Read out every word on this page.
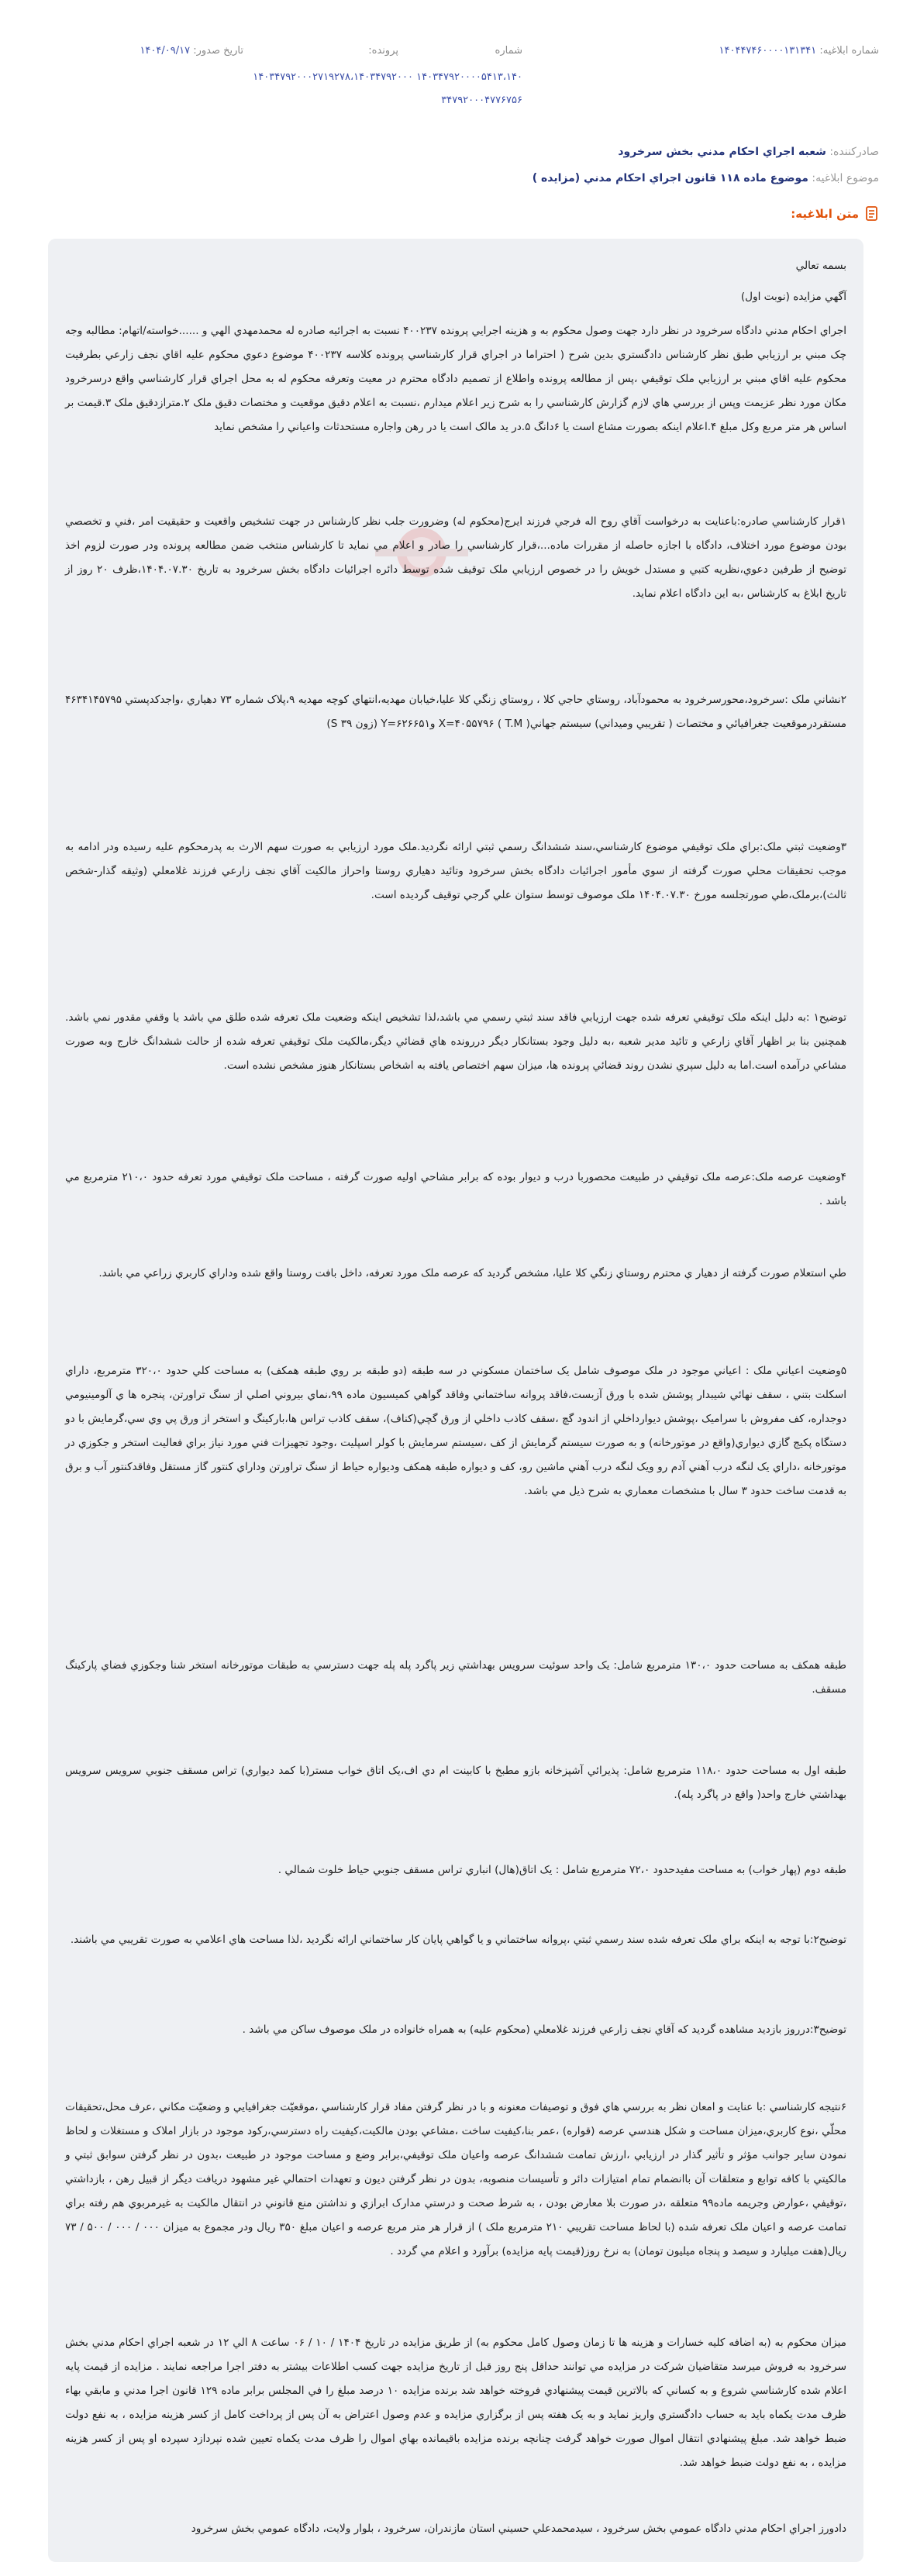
شماره ابلاغیه: ۱۴۰۴۴۷۴۶۰۰۰۰۱۳۱۳۴۱
شماره
پرونده:
تاریخ صدور: ۱۴۰۴/۰۹/۱۷
۱۴۰۳۴۷۹۲۰۰۰۰۵۴۱۳،۱۴۰ ۱۴۰۳۴۷۹۲۰۰۰۲۷۱۹۲۷۸،۱۴۰۳۴۷۹۲۰۰۰
۳۴۷۹۲۰۰۰۴۷۷۶۷۵۶
صادرکننده: شعبه اجراي احکام مدني بخش سرخرود
موضوع ابلاغيه: موضوع ماده ۱۱۸ قانون اجراي احکام مدني (مزايده )
متن ابلاغیه:
بسمه تعالي
آگهي مزايده (نوبت اول)
اجراي احکام مدني دادگاه سرخرود در نظر دارد جهت وصول محکوم به و هزينه اجرايي پرونده ۴۰۰۲۳۷ نسبت به اجرائيه صادره له محمدمهدي الهي و ......خواسته/اتهام: مطالبه وجه چک مبني بر ارزيابي طبق نظر کارشناس دادگستري بدين شرح ( احتراما در اجراي قرار کارشناسي پرونده کلاسه ۴۰۰۲۳۷ موضوع دعوي محکوم عليه اقاي نجف زارعي بطرفيت محکوم عليه اقاي مبني بر ارزيابي ملک توقيفي ،پس از مطالعه پرونده واطلاع از تصميم دادگاه محترم در معيت وتعرفه محکوم له به محل اجراي قرار کارشناسي واقع درسرخرود مکان مورد نظر عزيمت وپس از بررسي هاي لازم گزارش کارشناسي را به شرح زير اعلام ميدارم ،نسبت به اعلام دقيق موقعيت و مختصات دقيق ملک ۲.مترازدقيق ملک ۳.قيمت بر اساس هر متر مربع وکل مبلغ ۴.اعلام اينکه بصورت مشاع است يا ۶دانگ ۵.در يد مالک است يا در رهن واجاره مستحدثات واعياني را مشخص نمايد
۱قرار کارشناسي صادره:باعنايت به درخواست آقاي روح اله فرجي فرزند ايرج(محکوم له) وضرورت جلب نظر کارشناس در جهت تشخيص واقعيت و حقيقيت امر ،فني و تخصصي بودن موضوع مورد اختلاف، دادگاه با اجازه حاصله از مقررات ماده...،قرار کارشناسي را صادر و اعلام مي نمايد تا کارشناس منتخب ضمن مطالعه پرونده ودر صورت لزوم اخذ توضيح از طرفين دعوي،نظريه کتبي و مستدل خويش را در خصوص ارزيابي ملک توقيف شده توسط دائره اجرائيات دادگاه بخش سرخرود به تاريخ ۱۴۰۴.۰۷.۳۰،ظرف ۲۰ روز از تاريخ ابلاغ به کارشناس ،به اين دادگاه اعلام نمايد.
۲نشاني ملک :سرخرود،محورسرخرود به محمودآباد، روستاي حاجي کلا ، روستاي زنگي کلا عليا،خيابان مهديه،انتهاي کوچه مهديه ۹،پلاک شماره ۷۳ دهياري ،واجدکدپستي ۴۶۳۴۱۴۵۷۹۵ مستقردرموقعيت جغرافيائي و مختصات ( تقريبي وميداني) سيستم جهاني( T.M ) X=۴۰۵۵۷۹۶ وY=۶۲۶۶۵۱ (زون ۳۹ S)
۳وضعيت ثبتي ملک:براي ملک توقيفي موضوع کارشناسي،سند ششدانگ رسمي ثبتي ارائه نگرديد.ملک مورد ارزيابي به صورت سهم الارث به پدرمحکوم عليه رسيده ودر ادامه به موجب تحقيقات محلي صورت گرفته از سوي مأمور اجرائيات دادگاه بخش سرخرود وتائيد دهياري روستا واحراز مالکيت آقاي نجف زارعي فرزند غلامعلي (وثيقه گذار-شخص ثالث)،برملک،طي صورتجلسه مورخ ۱۴۰۴.۰۷.۳۰ ملک موصوف توسط ستوان علي گرجي توقيف گرديده است.
توضيح۱ :به دليل اينکه ملک توقيفي تعرفه شده جهت ارزيابي فاقد سند ثبتي رسمي مي باشد،لذا تشخيص اينکه وضعيت ملک تعرفه شده طلق مي باشد يا وقفي مقدور نمي باشد. همچنين بنا بر اظهار آقاي زارعي و تائيد مدير شعبه ،به دليل وجود بستانکار ديگر دررونده هاي قضائي ديگر،مالکيت ملک توقيفي تعرفه شده از حالت ششدانگ خارج وبه صورت مشاعي درآمده است.اما به دليل سپري نشدن روند قضائي پرونده ها، ميزان سهم اختصاص يافته به اشخاص بستانکار هنوز مشخص نشده است.
۴وضعيت عرصه ملک:عرصه ملک توقيفي در طبيعت محصوربا درب و ديوار بوده که برابر مشاحي اوليه صورت گرفته ، مساحت ملک توقيفي مورد تعرفه حدود ۲۱۰،۰ مترمربع مي باشد .
طي استعلام صورت گرفته از دهيار ي محترم روستاي زنگي کلا عليا، مشخص گرديد که عرصه ملک مورد تعرفه، داخل بافت روستا واقع شده وداراي کاربري زراعي مي باشد.
۵وضعيت اعياني ملک : اعياني موجود در ملک موصوف شامل يک ساختمان مسکوني در سه طبقه (دو طبقه بر روي طبقه همکف) به مساحت کلي حدود ۳۲۰،۰ مترمربع، داراي اسکلت بتني ، سقف نهائي شيبدار پوشش شده با ورق آزبست،فاقد پروانه ساختماني وفاقد گواهي کميسيون ماده ۹۹،نماي بيروني اصلي از سنگ تراورتن، پنجره ها ي آلومينيومي دوجداره، کف مفروش با سراميک ،پوشش ديوارداخلي از اندود گچ ،سقف کاذب داخلي از ورق گچي(کناف)، سقف کاذب تراس ها،بارکينگ و استخر از ورق پي وي سي،گرمايش با دو دستگاه پکيج گازي ديواري(واقع در موتورخانه) و به صورت سيستم گرمايش از کف ،سيستم سرمايش با کولر اسپليت ،وجود تجهيزات فني مورد نياز براي فعاليت استخر و جکوزي در موتورخانه ،داراي يک لنگه درب آهني آدم رو ويک لنگه درب آهني ماشين رو، کف و ديواره طبقه همکف وديواره حياط از سنگ تراورتن وداراي کنتور گاز مستقل وفاقدکنتور آب و برق به قدمت ساخت حدود ۳ سال با مشخصات معماري به شرح ذيل مي باشد.
طبقه همکف به مساحت حدود ۱۳۰،۰ مترمربع شامل: يک واحد سوئيت سرويس بهداشتي زير پاگرد پله پله جهت دسترسي به طبقات موتورخانه استخر شنا وجکوزي فضاي پارکينگ مسقف.
طبقه اول به مساحت حدود ۱۱۸،۰ مترمربع شامل: پذيرائي آشپزخانه بازو مطبخ با کابينت ام دي اف،يک اتاق خواب مستر(با کمد ديواري) تراس مسقف جنوبي سرويس سرويس بهداشتي خارج واحد( واقع در پاگرد پله).
طبقه دوم (پهار خواب) به مساحت مفيدحدود ۷۲،۰ مترمربع شامل : يک اتاق(هال) انباري تراس مسقف جنوبي حياط خلوت شمالي .
توضيح۲:با توجه به اينکه براي ملک تعرفه شده سند رسمي ثبتي ،پروانه ساختماني و يا گواهي پايان کار ساختماني ارائه نگرديد ،لذا مساحت هاي اعلامي به صورت تقريبي مي باشند.
توضيح۳:درروز بازديد مشاهده گرديد که آقاي نجف زارعي فرزند غلامعلي (محکوم عليه) به همراه خانواده در ملک موصوف ساکن مي باشد .
۶نتيجه کارشناسي :با عنايت و امعان نظر به بررسي هاي فوق و توصيفات معنونه و با در نظر گرفتن مفاد قرار کارشناسي ،موقعيّت جغرافيايي و وضعيّت مکاني ،عرف محل،تحقيقات محلّي ،نوع کاربري،ميزان مساحت و شکل هندسي عرصه (قواره) ،عمر بنا،کيفيت ساخت ،مشاعي بودن مالکيت،کيفيت راه دسترسي،رکود موجود در بازار املاک و مستغلات و لحاظ نمودن ساير جوانب مؤثر و تأثير گذار در ارزيابي ،ارزش تمامت ششدانگ عرصه واعيان ملک توقيفي،برابر وضع و مساحت موجود در طبيعت ،بدون در نظر گرفتن سوابق ثبتي و مالکيتي با کافه توابع و متعلقات آن باانضمام تمام امتيازات دائر و تأسيسات منصوبه، بدون در نظر گرفتن ديون و تعهدات احتمالي غير مشهود دريافت ديگر از قبيل رهن ، بازداشتي ،توقيفي ،عوارض وجريمه ماده۹۹ متعلقه ،در صورت بلا معارض بودن ، به شرط صحت و درستي مدارک ابرازي و نداشتن منع قانوني در انتقال مالکيت به غيرمربوي هم رفته براي تمامت عرصه و اعيان ملک تعرفه شده (با لحاظ مساحت تقريبي ۲۱۰ مترمربع ملک ) از قرار هر متر مربع عرصه و اعيان مبلغ ۳۵۰ ريال ودر مجموع به ميزان ۰۰۰ / ۰۰۰ / ۵۰۰ / ۷۳ ريال(هفت ميليارد و سيصد و پنجاه ميليون تومان) به نرخ روز(قيمت پايه مزايده) برآورد و اعلام مي گردد .
ميزان محکوم به (به اضافه کليه خسارات و هزينه ها تا زمان وصول کامل محکوم به) از طريق مزايده در تاريخ ۱۴۰۴ / ۱۰ / ۰۶ ساعت ۸ الي ۱۲ در شعبه اجراي احکام مدني بخش سرخرود به فروش ميرسد متقاضيان شرکت در مزايده مي توانند حداقل پنج روز قبل از تاريخ مزايده جهت کسب اطلاعات بيشتر به دفتر اجرا مراجعه نمايند . مزايده از قيمت پايه اعلام شده کارشناسي شروع و به کساني که بالاترين قيمت پيشنهادي فروخته خواهد شد برنده مزايده ۱۰ درصد مبلغ را في المجلس برابر ماده ۱۲۹ قانون اجرا مدني و مابقي بهاء ظرف مدت يکماه بايد به حساب دادگستري واريز نمايد و به يک هفته پس از برگزاري مزايده و عدم وصول اعتراض به آن پس از پرداخت کامل از کسر هزينه مزايده ، به نفع دولت ضبط خواهد شد. مبلغ پيشنهادي انتقال اموال صورت خواهد گرفت چنانچه برنده مزايده باقيمانده بهاي اموال را ظرف مدت يکماه تعيين شده نپردازد سپرده او پس از کسر هزينه مزايده ، به نفع دولت ضبط خواهد شد.
دادورز اجراي احکام مدني دادگاه عمومي بخش سرخرود ، سيدمحمدعلي حسيني استان مازندران، سرخرود ، بلوار ولايت، دادگاه عمومي بخش سرخرود
